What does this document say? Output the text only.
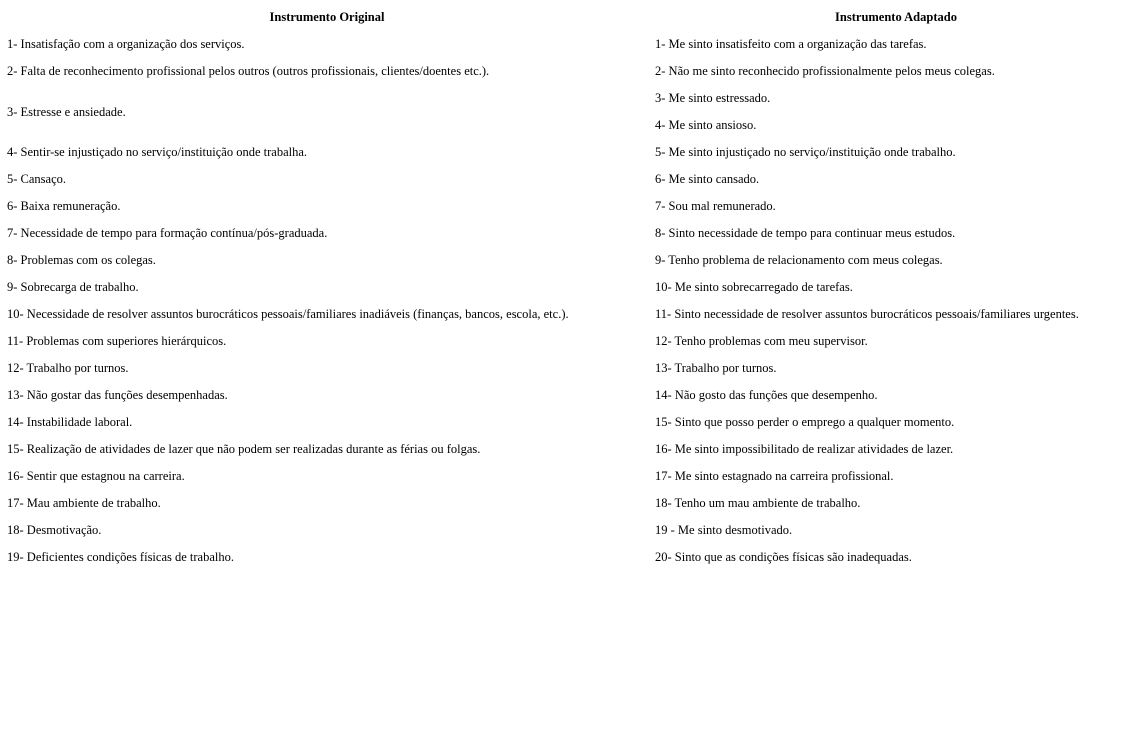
Instrumento Original	Instrumento Adaptado
1- Insatisfação com a organização dos serviços.	1- Me sinto insatisfeito com a organização das tarefas.
2- Falta de reconhecimento profissional pelos outros (outros profissionais, clientes/doentes etc.).	2- Não me sinto reconhecido profissionalmente pelos meus colegas.
3- Estresse e ansiedade.	3- Me sinto estressado.
	4- Me sinto ansioso.
4- Sentir-se injustiçado no serviço/instituição onde trabalha.	5- Me sinto injustiçado no serviço/instituição onde trabalho.
5- Cansaço.	6- Me sinto cansado.
6- Baixa remuneração.	7- Sou mal remunerado.
7- Necessidade de tempo para formação contínua/pós-graduada.	8- Sinto necessidade de tempo para continuar meus estudos.
8- Problemas com os colegas.	9- Tenho problema de relacionamento com meus colegas.
9- Sobrecarga de trabalho.	10- Me sinto sobrecarregado de tarefas.
10- Necessidade de resolver assuntos burocráticos pessoais/familiares inadiáveis (finanças, bancos, escola, etc.).	11- Sinto necessidade de resolver assuntos burocráticos pessoais/familiares urgentes.
11- Problemas com superiores hierárquicos.	12- Tenho problemas com meu supervisor.
12- Trabalho por turnos.	13- Trabalho por turnos.
13- Não gostar das funções desempenhadas.	14- Não gosto das funções que desempenho.
14- Instabilidade laboral.	15- Sinto que posso perder o emprego a qualquer momento.
15- Realização de atividades de lazer que não podem ser realizadas durante as férias ou folgas.	16- Me sinto impossibilitado de realizar atividades de lazer.
16- Sentir que estagnou na carreira.	17- Me sinto estagnado na carreira profissional.
17- Mau ambiente de trabalho.	18- Tenho um mau ambiente de trabalho.
18- Desmotivação.	19 - Me sinto desmotivado.
19- Deficientes condições físicas de trabalho.	20- Sinto que as condições físicas são inadequadas.
